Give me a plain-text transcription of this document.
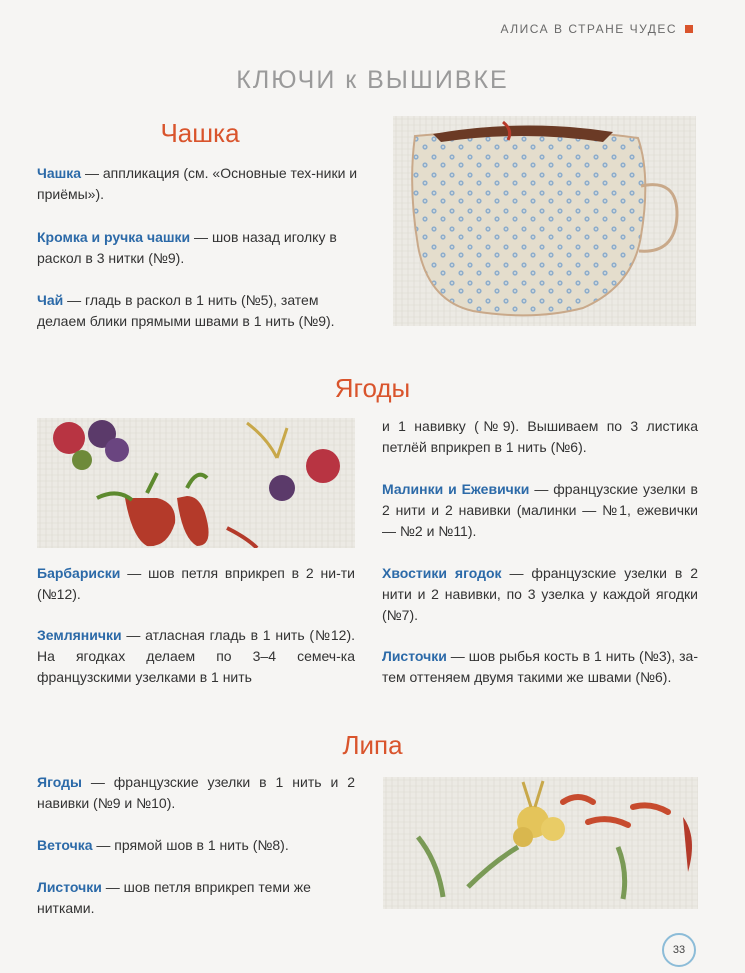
АЛИСА В СТРАНЕ ЧУДЕС
КЛЮЧИ к ВЫШИВКЕ
Чашка

Чашка — аппликация (см. «Основные тех-ники и приёмы»).

Кромка и ручка чашки — шов назад иголку в раскол в 3 нитки (№9).

Чай — гладь в раскол в 1 нить (№5), затем делаем блики прямыми швами в 1 нить (№9).

Ягоды

Барбариски — шов петля вприкреп в 2 ни-ти (№12).

Землянички — атласная гладь в 1 нить (№12). На ягодках делаем по 3–4 семеч-ка французскими узелками в 1 нить

и 1 навивку (№9). Вышиваем по 3 листика петлёй вприкреп в 1 нить (№6).

Малинки и Ежевички — французские узелки в 2 нити и 2 навивки (малинки — №1, ежевички — №2 и №11).

Хвостики ягодок — французские узелки в 2 нити и 2 навивки, по 3 узелка у каждой ягодки (№7).

Листочки — шов рыбья кость в 1 нить (№3), за-тем оттеняем двумя такими же швами (№6).

Липа

Ягоды — французские узелки в 1 нить и 2 навивки (№9 и №10).

Веточка — прямой шов в 1 нить (№8).

Листочки — шов петля вприкреп теми же нитками.

33
